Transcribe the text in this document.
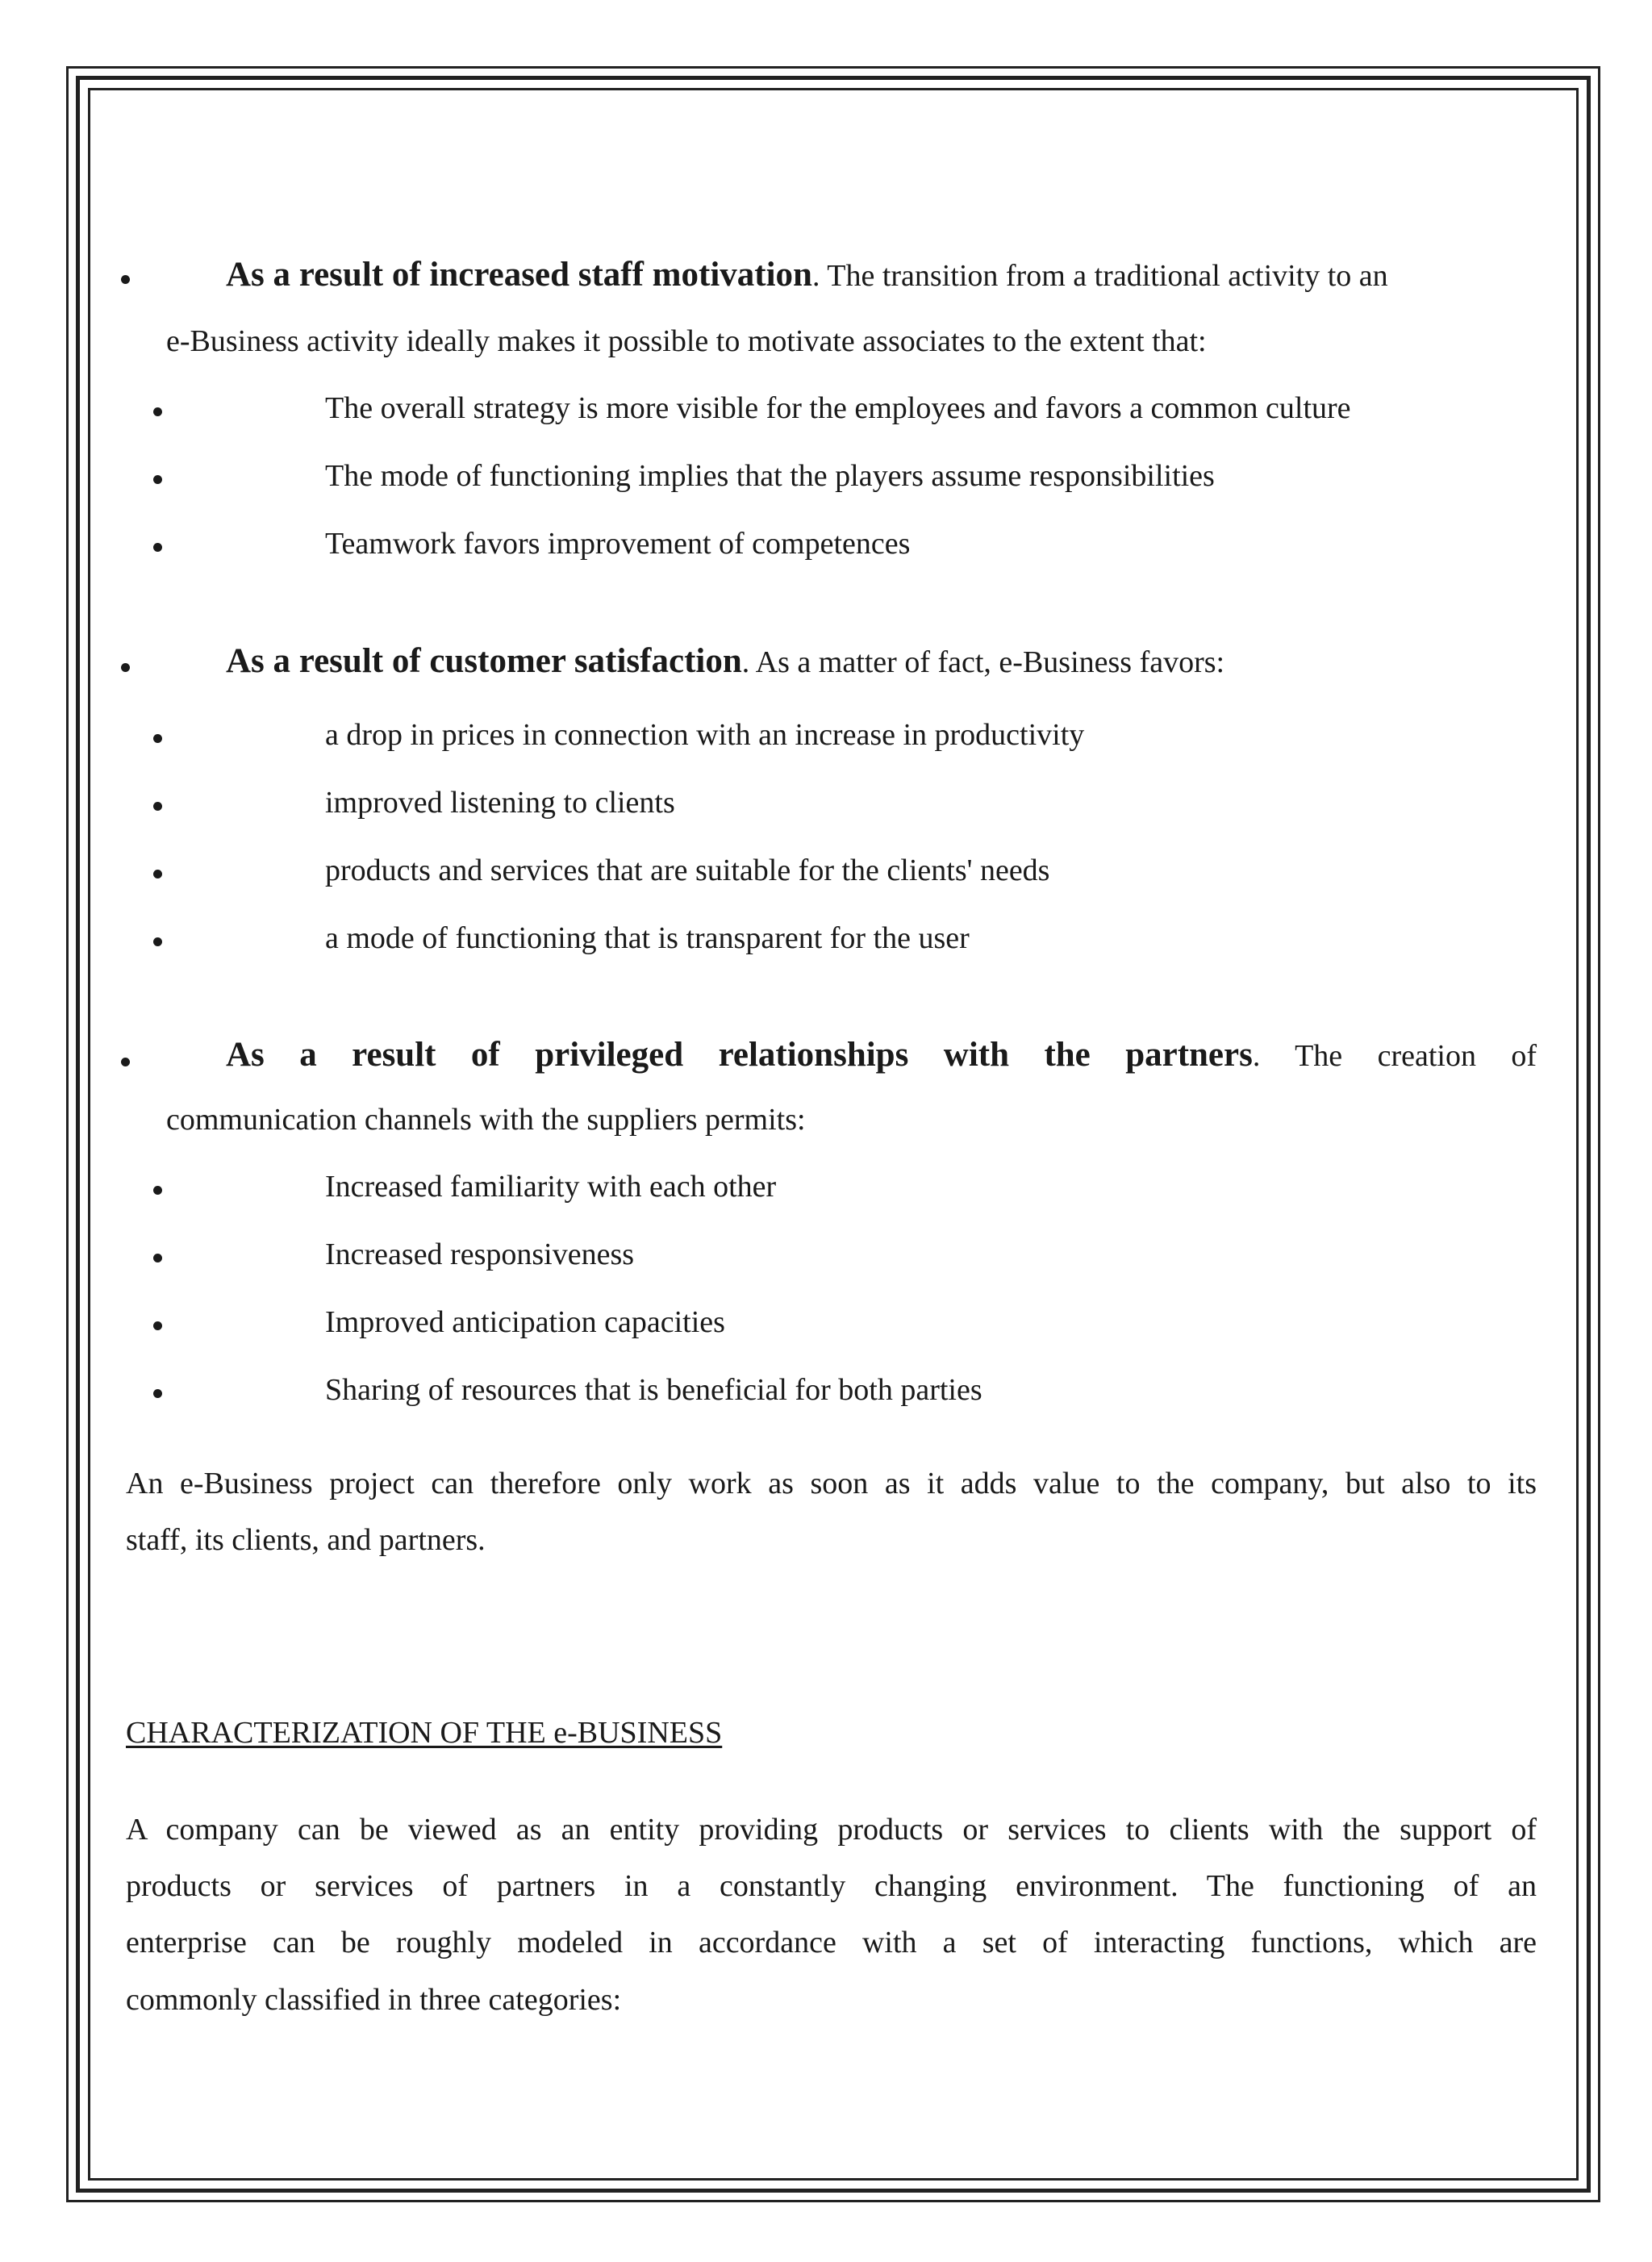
As a result of increased staff motivation. The transition from a traditional activity to an
e-Business activity ideally makes it possible to motivate associates to the extent that:
The overall strategy is more visible for the employees and favors a common culture
The mode of functioning implies that the players assume responsibilities
Teamwork favors improvement of competences
As a result of customer satisfaction. As a matter of fact, e-Business favors:
a drop in prices in connection with an increase in productivity
improved listening to clients
products and services that are suitable for the clients' needs
a mode of functioning that is transparent for the user
As a result of privileged relationships with the partners. The creation of
communication channels with the suppliers permits:
Increased familiarity with each other
Increased responsiveness
Improved anticipation capacities
Sharing of resources that is beneficial for both parties
An e-Business project can therefore only work as soon as it adds value to the company, but also to its
staff, its clients, and partners.
CHARACTERIZATION OF THE e-BUSINESS
A company can be viewed as an entity providing products or services to clients with the support of
products or services of partners in a constantly changing environment. The functioning of an
enterprise can be roughly modeled in accordance with a set of interacting functions, which are
commonly classified in three categories:
